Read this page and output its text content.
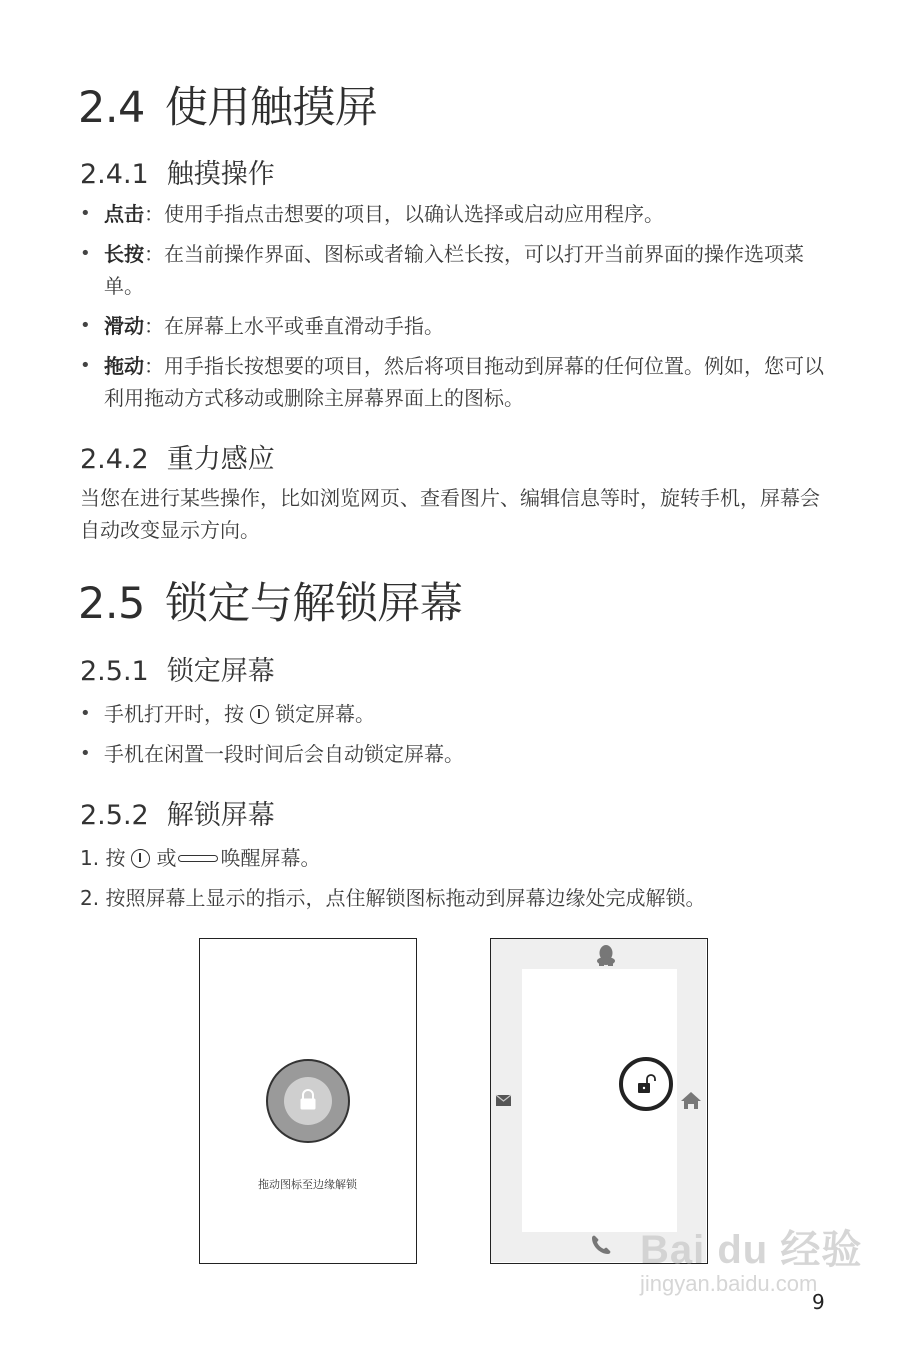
2.4 使用触摸屏
2.4.1 触摸操作
• 点击：使用手指点击想要的项目，以确认选择或启动应用程序。
• 长按：在当前操作界面、图标或者输入栏长按，可以打开当前界面的操作选项菜单。
• 滑动：在屏幕上水平或垂直滑动手指。
• 拖动：用手指长按想要的项目，然后将项目拖动到屏幕的任何位置。例如，您可以利用拖动方式移动或删除主屏幕界面上的图标。
2.4.2 重力感应
当您在进行某些操作，比如浏览网页、查看图片、编辑信息等时，旋转手机，屏幕会自动改变显示方向。
2.5 锁定与解锁屏幕
2.5.1 锁定屏幕
• 手机打开时，按 锁定屏幕。
• 手机在闲置一段时间后会自动锁定屏幕。
2.5.2 解锁屏幕
1. 按 或 唤醒屏幕。
2. 按照屏幕上显示的指示，点住解锁图标拖动到屏幕边缘处完成解锁。
拖动图标至边缘解锁
Bai du 经验
jingyan.baidu.com
9
